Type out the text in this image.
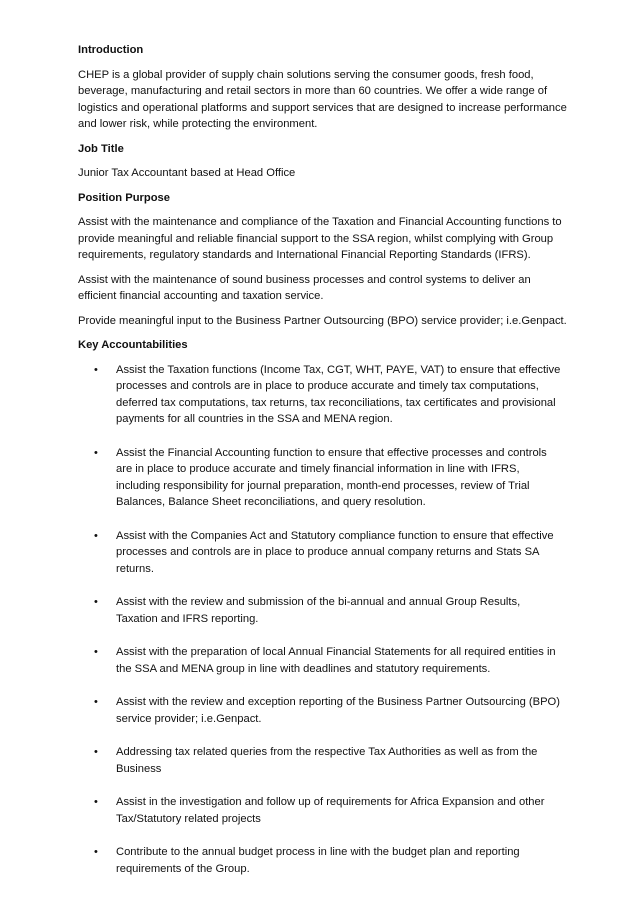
Introduction

CHEP is a global provider of supply chain solutions serving the consumer goods, fresh food, beverage, manufacturing and retail sectors in more than 60 countries. We offer a wide range of logistics and operational platforms and support services that are designed to increase performance and lower risk, while protecting the environment.

Job Title

Junior Tax Accountant based at Head Office

Position Purpose

Assist with the maintenance and compliance of the Taxation and Financial Accounting functions to provide meaningful and reliable financial support to the SSA region, whilst complying with Group requirements, regulatory standards and International Financial Reporting Standards (IFRS).

Assist with the maintenance of sound business processes and control systems to deliver an efficient financial accounting and taxation service.

Provide meaningful input to the Business Partner Outsourcing (BPO) service provider; i.e.Genpact.

Key Accountabilities
• Assist the Taxation functions (Income Tax, CGT, WHT, PAYE, VAT) to ensure that effective processes and controls are in place to produce accurate and timely tax computations, deferred tax computations, tax returns, tax reconciliations, tax certificates and provisional payments for all countries in the SSA and MENA region.
• Assist the Financial Accounting function to ensure that effective processes and controls are in place to produce accurate and timely financial information in line with IFRS, including responsibility for journal preparation, month-end processes, review of Trial Balances, Balance Sheet reconciliations, and query resolution.
• Assist with the Companies Act and Statutory compliance function to ensure that effective processes and controls are in place to produce annual company returns and Stats SA returns.
• Assist with the review and submission of the bi-annual and annual Group Results, Taxation and IFRS reporting.
• Assist with the preparation of local Annual Financial Statements for all required entities in the SSA and MENA group in line with deadlines and statutory requirements.
• Assist with the review and exception reporting of the Business Partner Outsourcing (BPO) service provider; i.e.Genpact.
• Addressing tax related queries from the respective Tax Authorities as well as from the Business
• Assist in the investigation and follow up of requirements for Africa Expansion and other Tax/Statutory related projects
• Contribute to the annual budget process in line with the budget plan and reporting requirements of the Group.
